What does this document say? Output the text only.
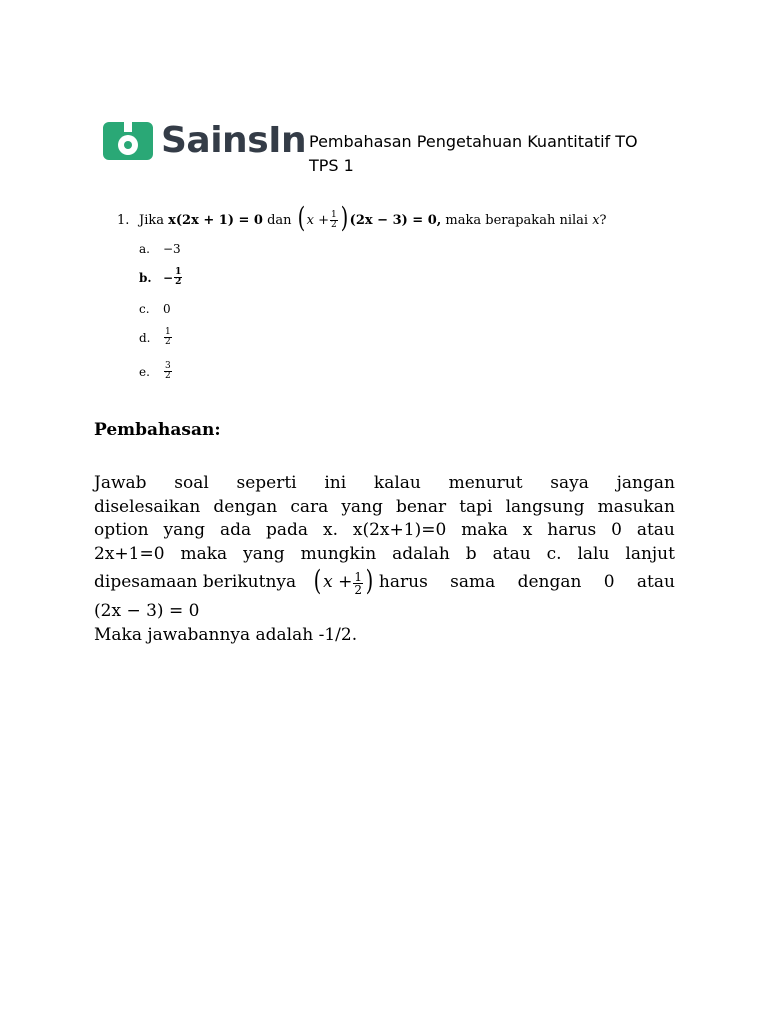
SainsIn Pembahasan Pengetahuan Kuantitatif TO TPS 1
1. Jika
x(2x + 1) = 0
dan
( $x + \frac{1}{2}$ ) (2x − 3) = 0,
maka berapakah nilai
x ?
a.	−3
b. − $\frac{1}{2}$
c.	0
d.	$\frac{1}{2}$
e.	$\frac{3}{2}$
Pembahasan:
Jawab soal seperti ini kalau menurut saya jangan
diselesaikan dengan cara yang benar tapi langsung masukan
option yang ada pada x. x(2x+1)=0 maka x harus 0 atau
2x+1=0 maka yang mungkin adalah b atau c. lalu lanjut
dipesamaan berikutnya ( $x + \frac{1}{2}$ ) harus sama dengan 0 atau
(2x − 3) = 0
Maka jawabannya adalah -1/2.
